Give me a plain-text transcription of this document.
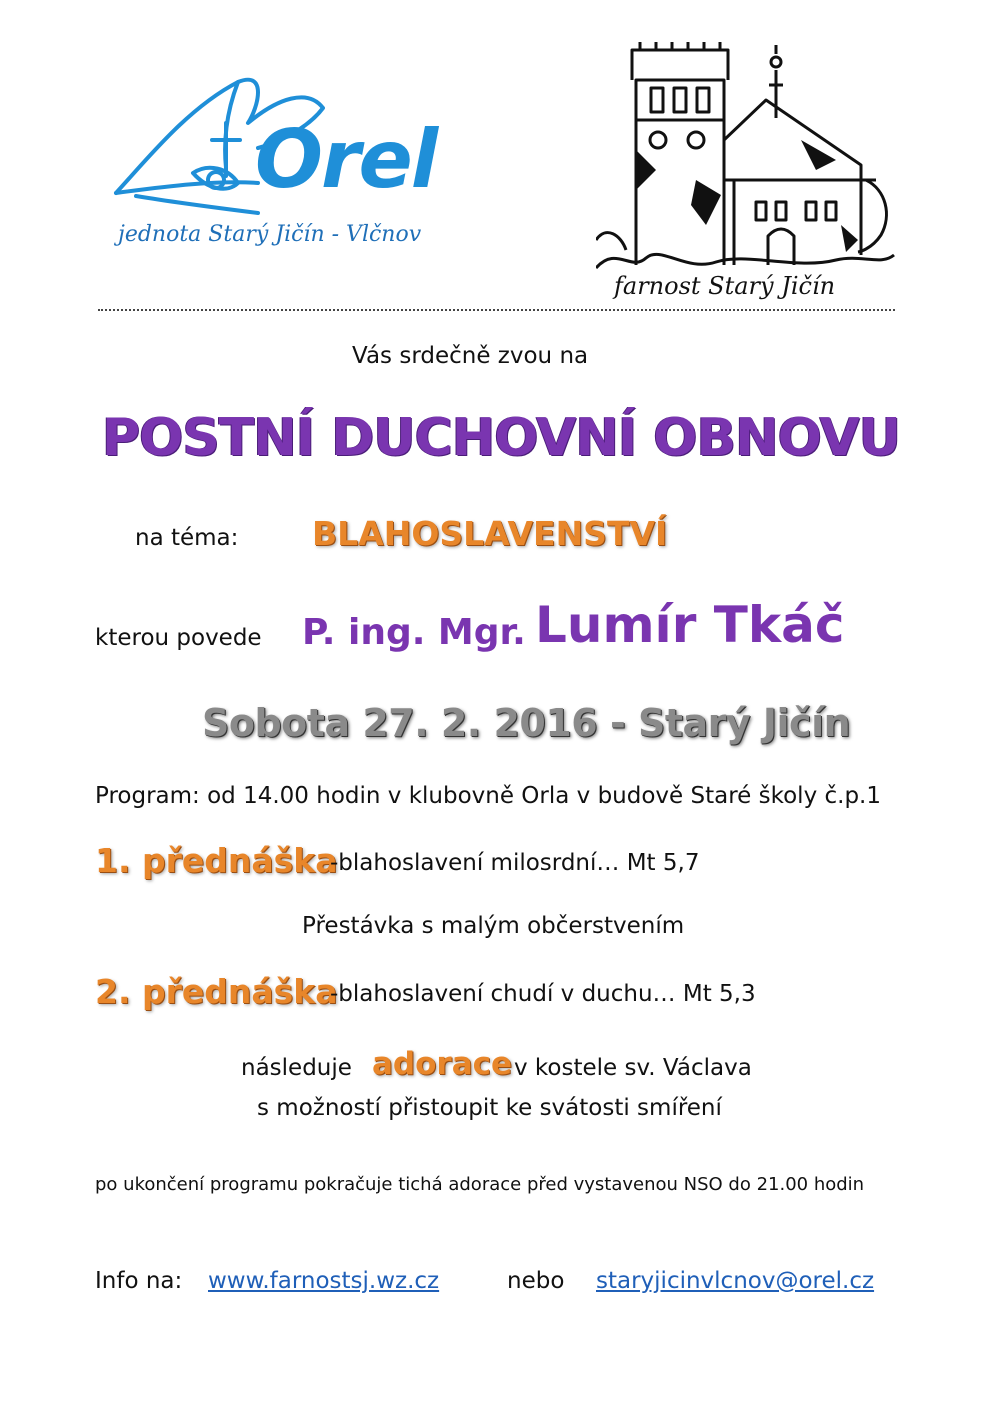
Orel
jednota Starý Jičín - Vlčnov
farnost Starý Jičín
Vás srdečně zvou na
POSTNÍ DUCHOVNÍ OBNOVU
na téma: BLAHOSLAVENSTVÍ
kterou povede P. ing. Mgr. Lumír Tkáč
Sobota 27. 2. 2016 - Starý Jičín
Program: od 14.00 hodin v klubovně Orla v budově Staré školy č.p.1
1. přednáška
-blahoslavení milosrdní… Mt 5,7
Přestávka s malým občerstvením
2. přednáška
-blahoslavení chudí v duchu… Mt 5,3
následuje adorace v kostele sv. Václava
s možností přistoupit ke svátosti smíření
po ukončení programu pokračuje tichá adorace před vystavenou NSO do 21.00 hodin
Info na: www.farnostsj.wz.cz	nebo staryjicinvlcnov@orel.cz
